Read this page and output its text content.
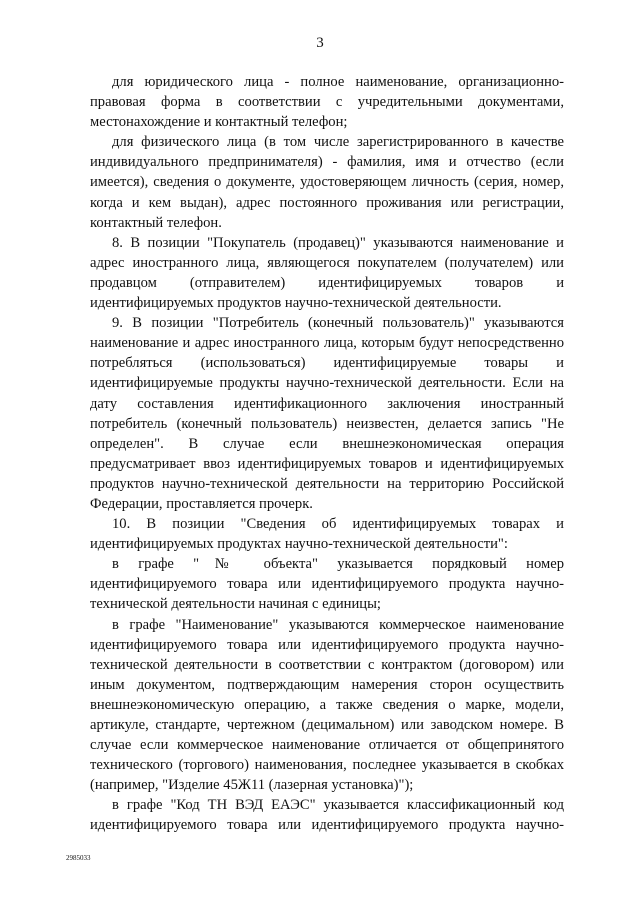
3

для юридического лица - полное наименование, организационно-правовая форма в соответствии с учредительными документами, местонахождение и контактный телефон;

для физического лица (в том числе зарегистрированного в качестве индивидуального предпринимателя) - фамилия, имя и отчество (если имеется), сведения о документе, удостоверяющем личность (серия, номер, когда и кем выдан), адрес постоянного проживания или регистрации, контактный телефон.

8. В позиции "Покупатель (продавец)" указываются наименование и адрес иностранного лица, являющегося покупателем (получателем) или продавцом (отправителем) идентифицируемых товаров и идентифицируемых продуктов научно-технической деятельности.

9. В позиции "Потребитель (конечный пользователь)" указываются наименование и адрес иностранного лица, которым будут непосредственно потребляться (использоваться) идентифицируемые товары и идентифицируемые продукты научно-технической деятельности. Если на дату составления идентификационного заключения иностранный потребитель (конечный пользователь) неизвестен, делается запись "Не определен". В случае если внешнеэкономическая операция предусматривает ввоз идентифицируемых товаров и идентифицируемых продуктов научно-технической деятельности на территорию Российской Федерации, проставляется прочерк.

10. В позиции "Сведения об идентифицируемых товарах и идентифицируемых продуктах научно-технической деятельности":

в графе "№ объекта" указывается порядковый номер идентифицируемого товара или идентифицируемого продукта научно-технической деятельности начиная с единицы;

в графе "Наименование" указываются коммерческое наименование идентифицируемого товара или идентифицируемого продукта научно-технической деятельности в соответствии с контрактом (договором) или иным документом, подтверждающим намерения сторон осуществить внешнеэкономическую операцию, а также сведения о марке, модели, артикуле, стандарте, чертежном (децимальном) или заводском номере. В случае если коммерческое наименование отличается от общепринятого технического (торгового) наименования, последнее указывается в скобках (например, "Изделие 45Ж11 (лазерная установка)");

в графе "Код ТН ВЭД ЕАЭС" указывается классификационный код идентифицируемого товара или идентифицируемого продукта научно-

2985033
